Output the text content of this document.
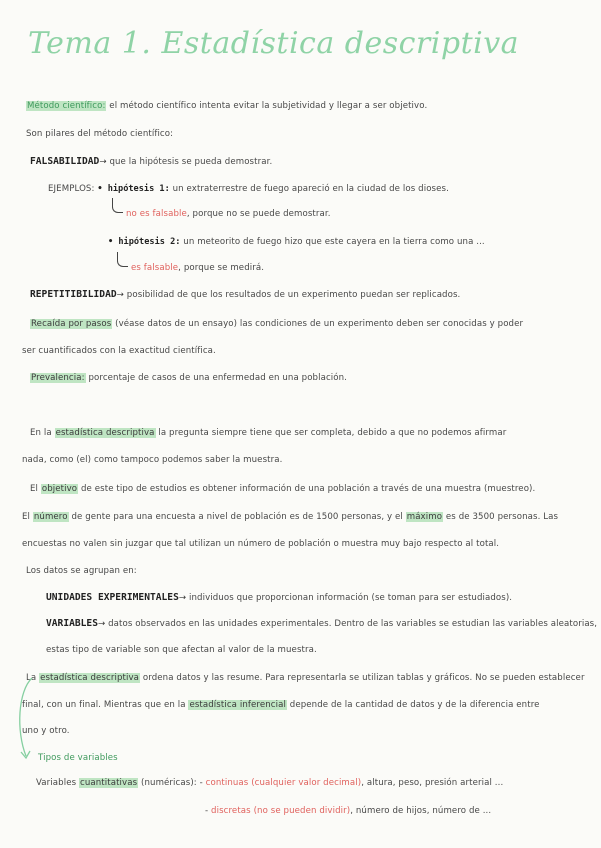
Tema 1. Estadística descriptiva
Método científico: el método científico intenta evitar la subjetividad y llegar a ser objetivo.
Son pilares del método científico:
FALSABILIDAD→ que la hipótesis se pueda demostrar.
EJEMPLOS: • hipótesis 1: un extraterrestre de fuego apareció en la ciudad de los dioses.
no es falsable, porque no se puede demostrar.
• hipótesis 2: un meteorito de fuego hizo que este cayera en la tierra como una ...
es falsable, porque se medirá.
REPETITIBILIDAD→ posibilidad de que los resultados de un experimento puedan ser replicados.
Recaída por pasos (véase datos de un ensayo) las condiciones de un experimento deben ser conocidas y poder
ser cuantificados con la exactitud científica.
Prevalencia: porcentaje de casos de una enfermedad en una población.
En la estadística descriptiva la pregunta siempre tiene que ser completa, debido a que no podemos afirmar
nada, como (el) como tampoco podemos saber la muestra.
El objetivo de este tipo de estudios es obtener información de una población a través de una muestra (muestreo).
El número de gente para una encuesta a nivel de población es de 1500 personas, y el máximo es de 3500 personas. Las
encuestas no valen sin juzgar que tal utilizan un número de población o muestra muy bajo respecto al total.
Los datos se agrupan en:
UNIDADES EXPERIMENTALES→ individuos que proporcionan información (se toman para ser estudiados).
VARIABLES→ datos observados en las unidades experimentales. Dentro de las variables se estudian las variables aleatorias,
estas tipo de variable son que afectan al valor de la muestra.
La estadística descriptiva ordena datos y las resume. Para representarla se utilizan tablas y gráficos. No se pueden establecer
final, con un final. Mientras que en la estadística inferencial depende de la cantidad de datos y de la diferencia entre
uno y otro.
Tipos de variables
Variables cuantitativas (numéricas): - continuas (cualquier valor decimal), altura, peso, presión arterial ...
- discretas (no se pueden dividir), número de hijos, número de ...
